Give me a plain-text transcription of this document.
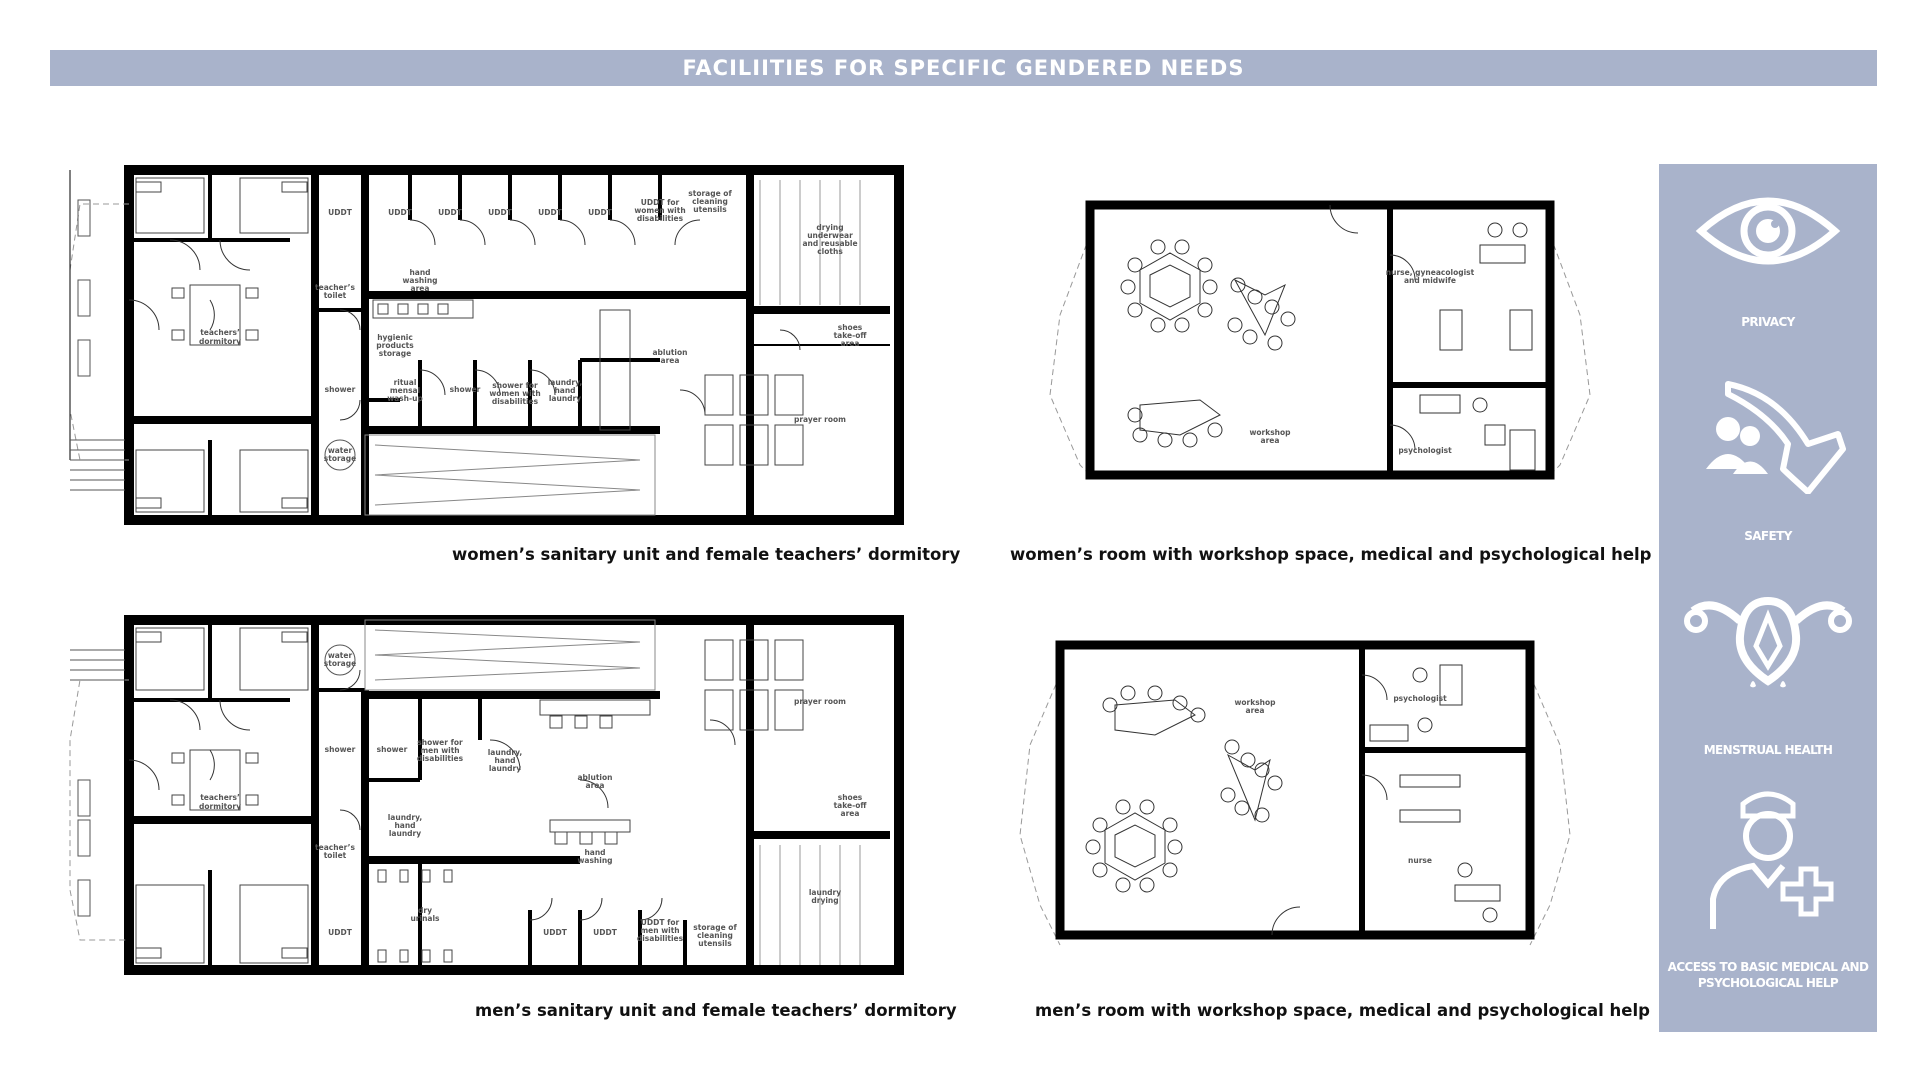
FACILIITIES FOR SPECIFIC GENDERED NEEDS
teachers’ dormitory
UDDT	UDDT	UDDT	UDDT	UDDT	UDDT
UDDT for women with disabilities
storage of cleaning utensils
drying underwear and reusable cloths
teacher’s toilet
hand washing area
hygienic products storage	ablution area
shoes take-off area
shower
ritual mensal wash-up
shower	shower for women with disabilities
laundry, hand laundry
prayer room
water storage
women’s sanitary unit and female teachers’ dormitory
nurse, gyneacologist and midwife
workshop area
psychologist
women’s room with workshop space, medical and psychological help
water storage
prayer room
shower	shower
shower for men with disabilities
laundry, hand laundry
ablution area
teachers’ dormitory
laundry, hand laundry
shoes take-off area
teacher’s toilet	hand washing
laundry drying
dry urinals
UDDT	UDDT	UDDT
UDDT for men with disabilities
storage of cleaning utensils
men’s sanitary unit and female teachers’ dormitory
workshop area
psychologist
nurse
men’s room with workshop space, medical and psychological help
PRIVACY
SAFETY
MENSTRUAL HEALTH
ACCESS TO BASIC MEDICAL AND PSYCHOLOGICAL HELP
